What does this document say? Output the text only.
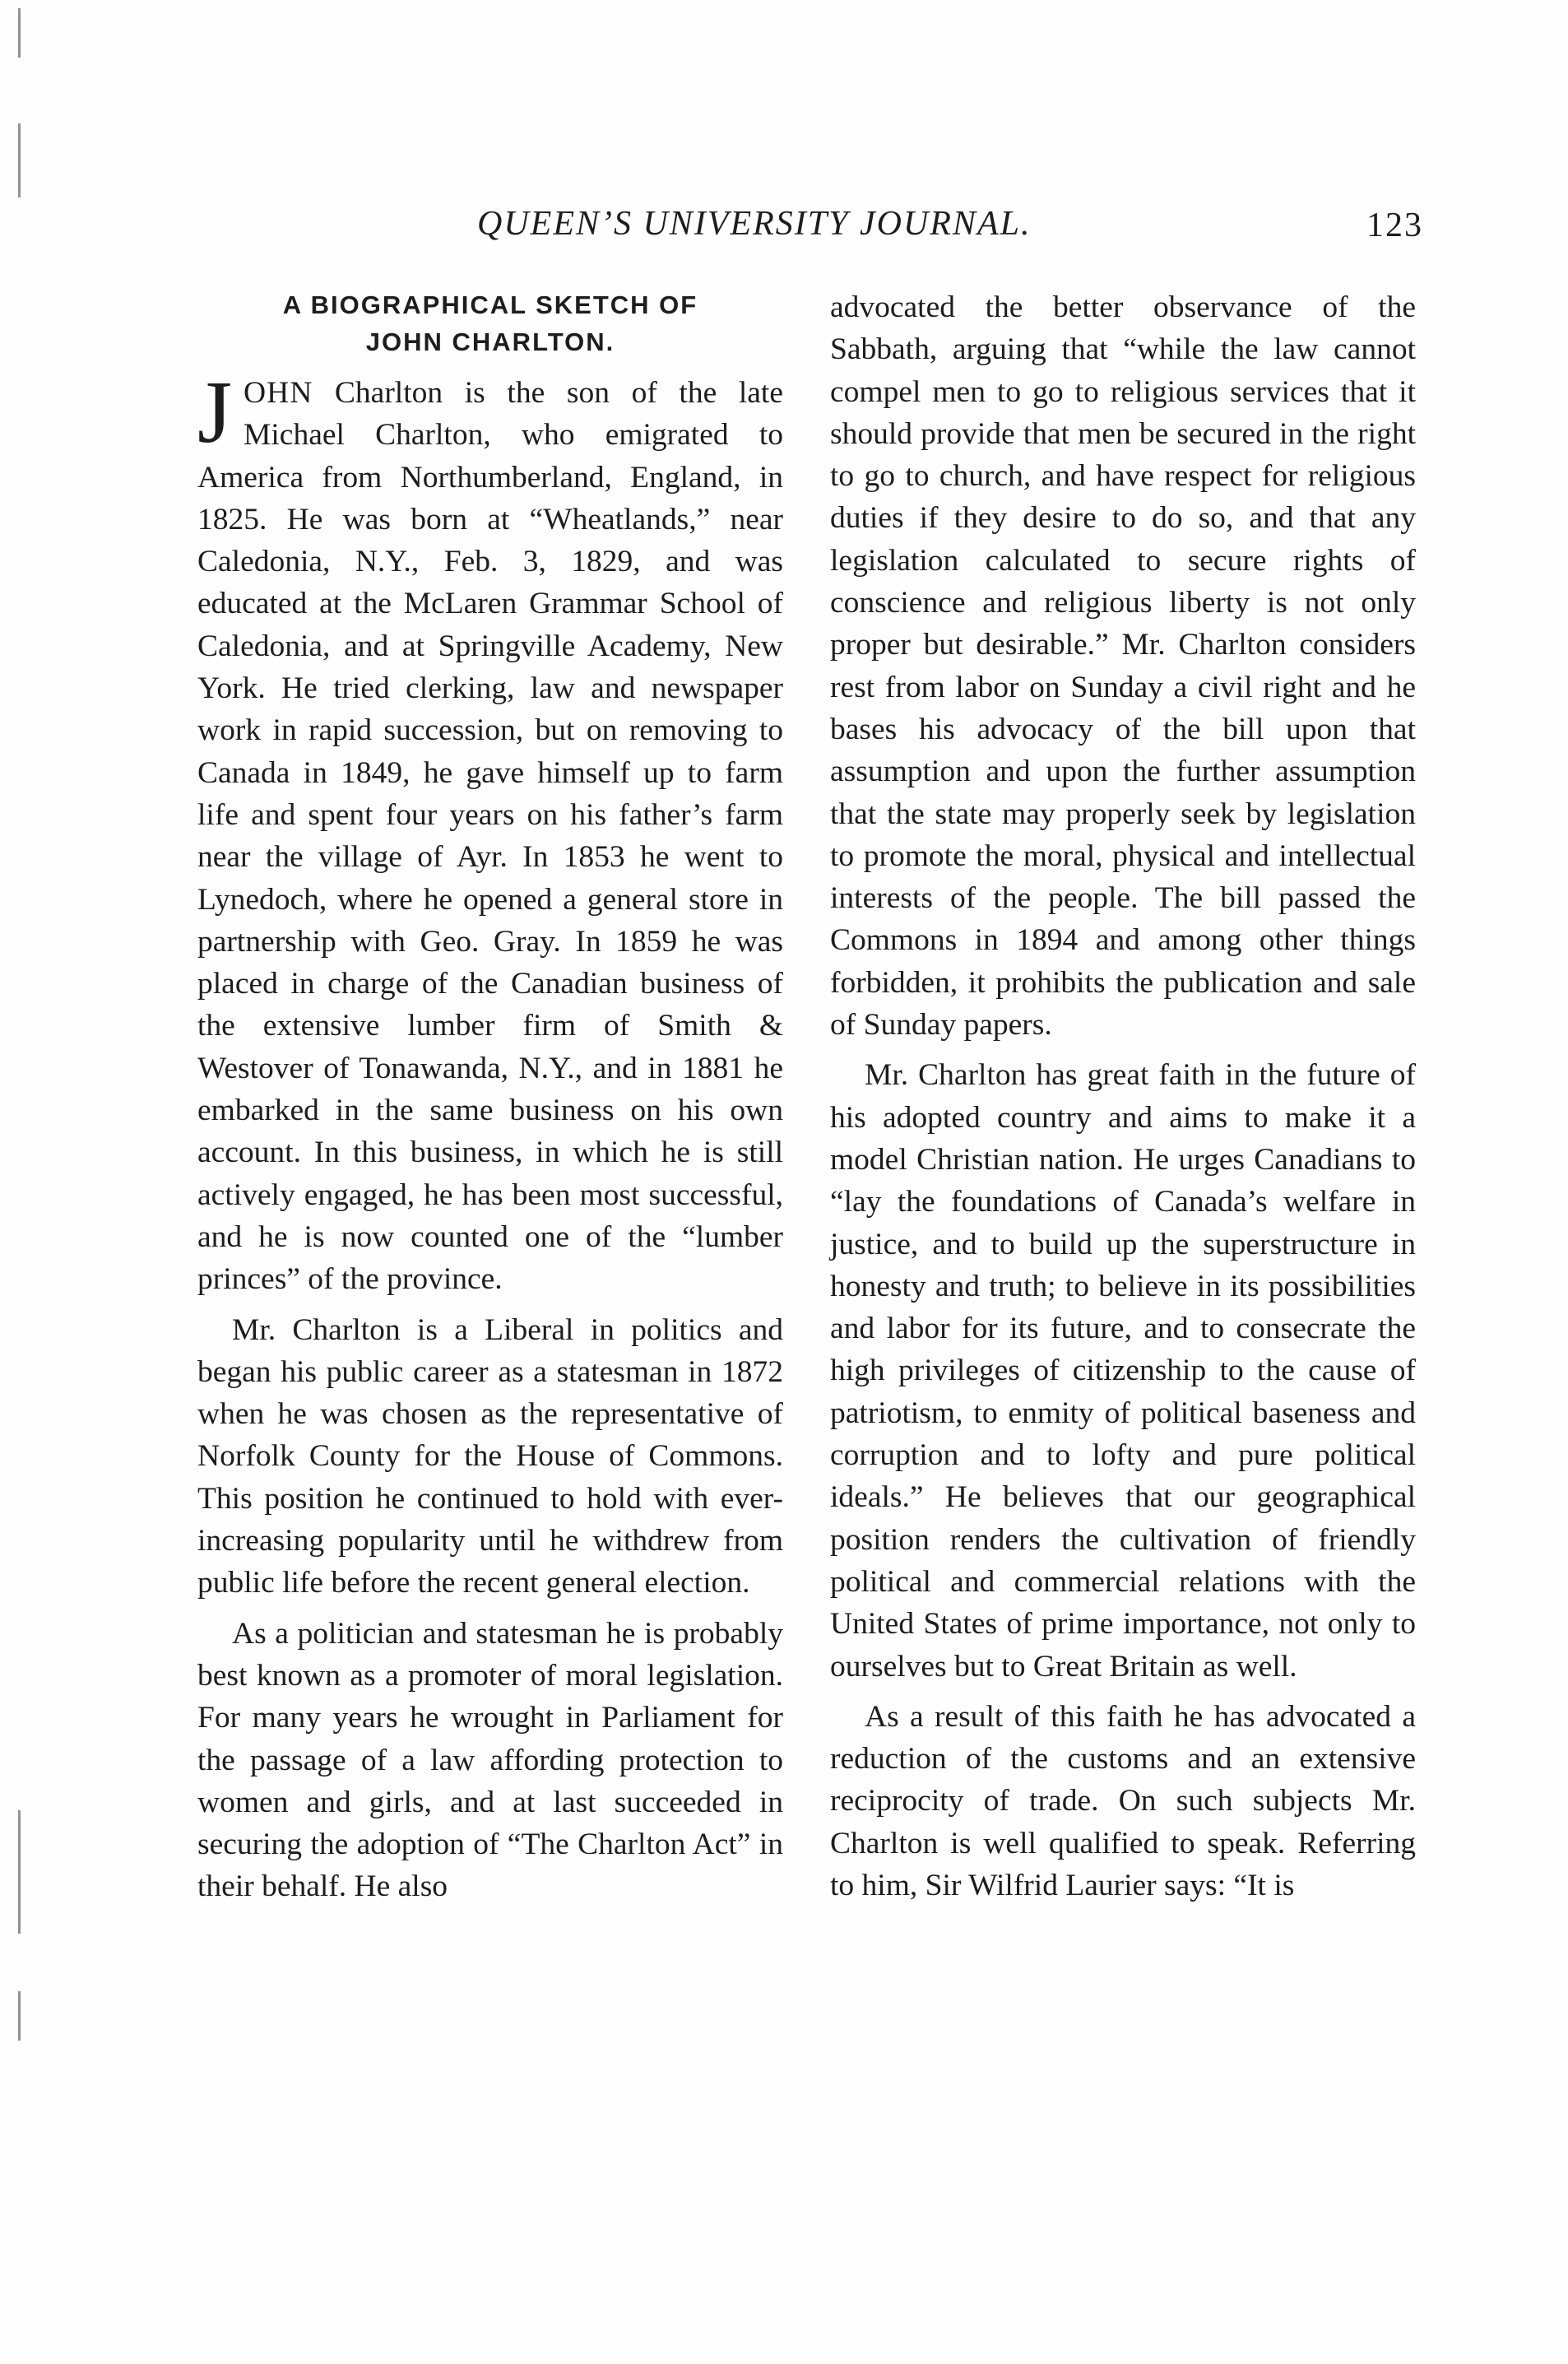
QUEEN’S UNIVERSITY JOURNAL.	123
A BIOGRAPHICAL SKETCH OF
JOHN CHARLTON.

JOHN Charlton is the son of the late Michael Charlton, who emigrated to America from Northumberland, England, in 1825. He was born at “Wheatlands,” near Caledonia, N.Y., Feb. 3, 1829, and was educated at the McLaren Grammar School of Caledonia, and at Springville Academy, New York. He tried clerking, law and newspaper work in rapid succession, but on removing to Canada in 1849, he gave himself up to farm life and spent four years on his father’s farm near the village of Ayr. In 1853 he went to Lynedoch, where he opened a general store in partnership with Geo. Gray. In 1859 he was placed in charge of the Canadian business of the extensive lumber firm of Smith & Westover of Tonawanda, N.Y., and in 1881 he embarked in the same business on his own account. In this business, in which he is still actively engaged, he has been most successful, and he is now counted one of the “lumber princes” of the province.

Mr. Charlton is a Liberal in politics and began his public career as a statesman in 1872 when he was chosen as the representative of Norfolk County for the House of Commons. This position he continued to hold with ever-increasing popularity until he withdrew from public life before the recent general election.

As a politician and statesman he is probably best known as a promoter of moral legislation. For many years he wrought in Parliament for the passage of a law affording protection to women and girls, and at last succeeded in securing the adoption of “The Charlton Act” in their behalf. He also

advocated the better observance of the Sabbath, arguing that “while the law cannot compel men to go to religious services that it should provide that men be secured in the right to go to church, and have respect for religious duties if they desire to do so, and that any legislation calculated to secure rights of conscience and religious liberty is not only proper but desirable.” Mr. Charlton considers rest from labor on Sunday a civil right and he bases his advocacy of the bill upon that assumption and upon the further assumption that the state may properly seek by legislation to promote the moral, physical and intellectual interests of the people. The bill passed the Commons in 1894 and among other things forbidden, it prohibits the publication and sale of Sunday papers.

Mr. Charlton has great faith in the future of his adopted country and aims to make it a model Christian nation. He urges Canadians to “lay the foundations of Canada’s welfare in justice, and to build up the superstructure in honesty and truth; to believe in its possibilities and labor for its future, and to consecrate the high privileges of citizenship to the cause of patriotism, to enmity of political baseness and corruption and to lofty and pure political ideals.” He believes that our geographical position renders the cultivation of friendly political and commercial relations with the United States of prime importance, not only to ourselves but to Great Britain as well.

As a result of this faith he has advocated a reduction of the customs and an extensive reciprocity of trade. On such subjects Mr. Charlton is well qualified to speak. Referring to him, Sir Wilfrid Laurier says: “It is
